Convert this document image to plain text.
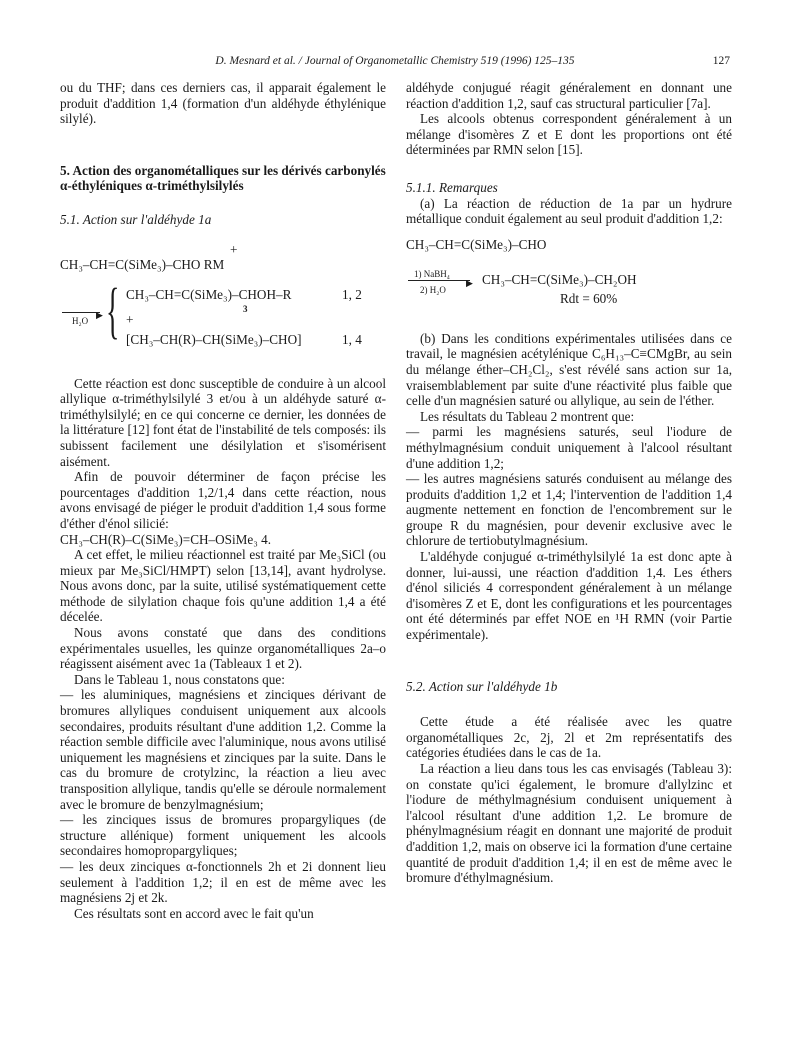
D. Mesnard et al. / Journal of Organometallic Chemistry 519 (1996) 125–135	127

ou du THF; dans ces derniers cas, il apparait également le produit d'addition 1,4 (formation d'un aldéhyde éthylénique silylé).

5. Action des organométalliques sur les dérivés carbonylés α-éthyléniques α-triméthylsilylés
5.1. Action sur l'aldéhyde 1a
+
CH₃–CH=C(SiMe₃)–CHO RM
{ CH₃–CH=C(SiMe₃)–CHOH–R	1, 2
3
▶
H₂O	+
[CH₃–CH(R)–CH(SiMe₃)–CHO]	1, 4

Cette réaction est donc susceptible de conduire à un alcool allylique α-triméthylsilylé 3 et/ou à un aldéhyde saturé α-triméthylsilylé; en ce qui concerne ce dernier, les données de la littérature [12] font état de l'instabilité de tels composés: ils subissent facilement une désilylation et s'isomérisent aisément.

Afin de pouvoir déterminer de façon précise les pourcentages d'addition 1,2/1,4 dans cette réaction, nous avons envisagé de piéger le produit d'addition 1,4 sous forme d'éther d'énol silicié:

CH₃–CH(R)–C(SiMe₃)=CH–OSiMe₃ 4.

A cet effet, le milieu réactionnel est traité par Me₃SiCl (ou mieux par Me₃SiCl/HMPT) selon [13,14], avant hydrolyse. Nous avons donc, par la suite, utilisé systématiquement cette méthode de silylation chaque fois qu'une addition 1,4 a été décelée.

Nous avons constaté que dans des conditions expérimentales usuelles, les quinze organométalliques 2a–o réagissent aisément avec 1a (Tableaux 1 et 2).

Dans le Tableau 1, nous constatons que:

— les aluminiques, magnésiens et zinciques dérivant de bromures allyliques conduisent uniquement aux alcools secondaires, produits résultant d'une addition 1,2. Comme la réaction semble difficile avec l'aluminique, nous avons utilisé uniquement les magnésiens et zinciques par la suite. Dans le cas du bromure de crotylzinc, la réaction a lieu avec transposition allylique, tandis qu'elle se déroule normalement avec le bromure de benzylmagnésium;

— les zinciques issus de bromures propargyliques (de structure allénique) forment uniquement les alcools secondaires homopropargyliques;

— les deux zinciques α-fonctionnels 2h et 2i donnent lieu seulement à l'addition 1,2; il en est de même avec les magnésiens 2j et 2k.

Ces résultats sont en accord avec le fait qu'un

aldéhyde conjugué réagit généralement en donnant une réaction d'addition 1,2, sauf cas structural particulier [7a].

Les alcools obtenus correspondent généralement à un mélange d'isomères Z et E dont les proportions ont été déterminées par RMN selon [15].

5.1.1. Remarques

(a) La réaction de réduction de 1a par un hydrure métallique conduit également au seul produit d'addition 1,2:

CH₃–CH=C(SiMe₃)–CHO
1) NaBH₄
▶
2) H₂O
CH₃–CH=C(SiMe₃)–CH₂OH
Rdt = 60%

(b) Dans les conditions expérimentales utilisées dans ce travail, le magnésien acétylénique C₆H₁₃–C≡CMgBr, au sein du mélange éther–CH₂Cl₂, s'est révélé sans action sur 1a, vraisemblablement par suite d'une réactivité plus faible que celle d'un magnésien saturé ou allylique, au sein de l'éther.

Les résultats du Tableau 2 montrent que:

— parmi les magnésiens saturés, seul l'iodure de méthylmagnésium conduit uniquement à l'alcool résultant d'une addition 1,2;

— les autres magnésiens saturés conduisent au mélange des produits d'addition 1,2 et 1,4; l'intervention de l'addition 1,4 augmente nettement en fonction de l'encombrement sur le groupe R du magnésien, pour devenir exclusive avec le chlorure de tertiobutylmagnésium.

L'aldéhyde conjugué α-triméthylsilylé 1a est donc apte à donner, lui-aussi, une réaction d'addition 1,4. Les éthers d'énol siliciés 4 correspondent généralement à un mélange d'isomères Z et E, dont les configurations et les pourcentages ont été déterminés par effet NOE en ¹H RMN (voir Partie expérimentale).

5.2. Action sur l'aldéhyde 1b

Cette étude a été réalisée avec les quatre organométalliques 2c, 2j, 2l et 2m représentatifs des catégories étudiées dans le cas de 1a.

La réaction a lieu dans tous les cas envisagés (Tableau 3): on constate qu'ici également, le bromure d'allylzinc et l'iodure de méthylmagnésium conduisent uniquement à l'alcool résultant d'une addition 1,2. Le bromure de phénylmagnésium réagit en donnant une majorité de produit d'addition 1,2, mais on observe ici la formation d'une certaine quantité de produit d'addition 1,4; il en est de même avec le bromure d'éthylmagnésium.
